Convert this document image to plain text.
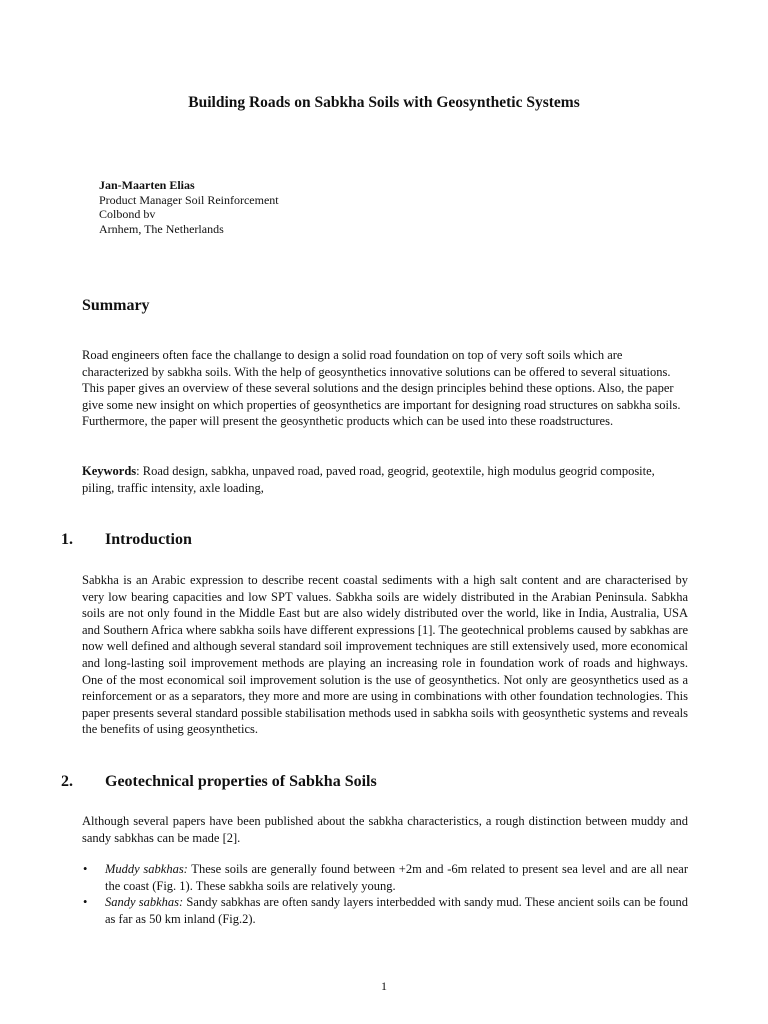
Building Roads on Sabkha Soils with Geosynthetic Systems
Jan-Maarten Elias
Product Manager Soil Reinforcement
Colbond bv
Arnhem, The Netherlands
Summary

Road engineers often face the challange to design a solid road foundation on top of very soft soils which are characterized by sabkha soils. With the help of geosynthetics innovative solutions can be offered to several situations. This paper gives an overview of these several solutions and the design principles behind these options. Also, the paper give some new insight on which properties of geosynthetics are important for designing road structures on sabkha soils. Furthermore, the paper will present the geosynthetic products which can be used into these roadstructures.

Keywords: Road design, sabkha, unpaved road, paved road, geogrid, geotextile, high modulus geogrid composite, piling, traffic intensity, axle loading,

1. Introduction

Sabkha is an Arabic expression to describe recent coastal sediments with a high salt content and are characterised by very low bearing capacities and low SPT values. Sabkha soils are widely distributed in the Arabian Peninsula. Sabkha soils are not only found in the Middle East but are also widely distributed over the world, like in India, Australia, USA and Southern Africa where sabkha soils have different expressions [1]. The geotechnical problems caused by sabkhas are now well defined and although several standard soil improvement techniques are still extensively used, more economical and long-lasting soil improvement methods are playing an increasing role in foundation work of roads and highways. One of the most economical soil improvement solution is the use of geosynthetics. Not only are geosynthetics used as a reinforcement or as a separators, they more and more are using in combinations with other foundation technologies. This paper presents several standard possible stabilisation methods used in sabkha soils with geosynthetic systems and reveals the benefits of using geosynthetics.

2. Geotechnical properties of Sabkha Soils

Although several papers have been published about the sabkha characteristics, a rough distinction between muddy and sandy sabkhas can be made [2].

• Muddy sabkhas: These soils are generally found between +2m and -6m related to present sea level and are all near the coast (Fig. 1). These sabkha soils are relatively young.
• Sandy sabkhas: Sandy sabkhas are often sandy layers interbedded with sandy mud. These ancient soils can be found as far as 50 km inland (Fig.2).
1
